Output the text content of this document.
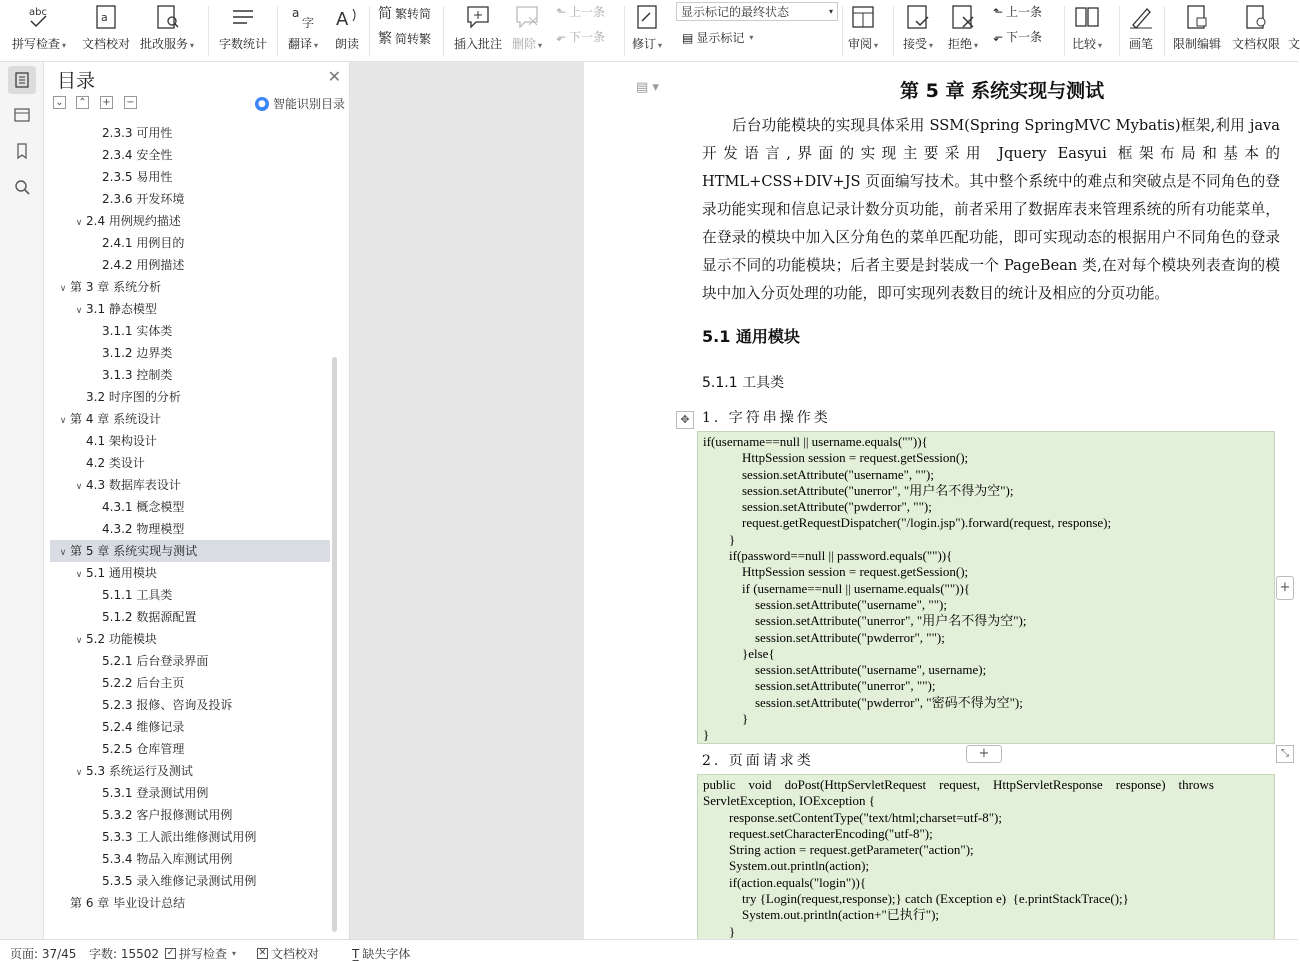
abc
拼写检查 ▾
a
文档校对 批改服务 ▾ 字数统计
a
字
翻译 ▾
A
朗读
简 繁转简
繁 简转繁 插入批注 删除 ▾
⬑ 上一条
⬐ 下一条 修订 ▾
显示标记的最终状态	▾
▤ 显示标记 ▾	审阅 ▾ 接受 ▾ 拒绝 ▾
⬑ 上一条
⬐ 下一条 比较 ▾ 画笔 限制编辑 文档权限 文
目录	✕
⌄ ⌃ + −	● 智能识别目录
2.3.3 可用性
2.3.4 安全性
2.3.5 易用性
2.3.6 开发环境
∨ 2.4 用例规约描述
2.4.1 用例目的
2.4.2 用例描述
∨ 第 3 章 系统分析
∨ 3.1 静态模型
3.1.1 实体类
3.1.2 边界类
3.1.3 控制类
3.2 时序图的分析
∨ 第 4 章 系统设计
4.1 架构设计
4.2 类设计
∨ 4.3 数据库表设计
4.3.1 概念模型
4.3.2 物理模型
∨ 第 5 章 系统实现与测试
∨ 5.1 通用模块
5.1.1 工具类
5.1.2 数据源配置
∨ 5.2 功能模块
5.2.1 后台登录界面
5.2.2 后台主页
5.2.3 报修、咨询及投诉
5.2.4 维修记录
5.2.5 仓库管理
∨ 5.3 系统运行及测试
5.3.1 登录测试用例
5.3.2 客户报修测试用例
5.3.3 工人派出维修测试用例
5.3.4 物品入库测试用例
5.3.5 录入维修记录测试用例
第 6 章 毕业设计总结
▤ ▾	第 5 章 系统实现与测试
后台功能模块的实现具体采用 SSM(Spring SpringMVC Mybatis)框架,利用 java 开发语言,界面的实现主要采用 Jquery Easyui 框架布局和基本的 HTML+CSS+DIV+JS 页面编写技术。其中整个系统中的难点和突破点是不同角色的登录功能实现和信息记录计数分页功能，前者采用了数据库表来管理系统的所有功能菜单，在登录的模块中加入区分角色的菜单匹配功能，即可实现动态的根据用户不同角色的登录显示不同的功能模块；后者主要是封装成一个 PageBean 类,在对每个模块列表查询的模块中加入分页处理的功能，即可实现列表数目的统计及相应的分页功能。
5.1 通用模块
5.1.1 工具类
✥ 1. 字符串操作类
if(username==null || username.equals("")){
HttpSession session = request.getSession();
session.setAttribute("username", "");
session.setAttribute("unerror", "用户名不得为空");
session.setAttribute("pwderror", "");
request.getRequestDispatcher("/login.jsp").forward(request, response);
}
if(password==null || password.equals("")){
HttpSession session = request.getSession();
if (username==null || username.equals("")){
session.setAttribute("username", "");
session.setAttribute("unerror", "用户名不得为空");
session.setAttribute("pwderror", "");
}else{
session.setAttribute("username", username);
session.setAttribute("unerror", "");
session.setAttribute("pwderror", "密码不得为空");
}
}
+
+	⤡
2. 页面请求类
public    void    doPost(HttpServletRequest    request,    HttpServletResponse    response)    throws
ServletException, IOException {
response.setContentType("text/html;charset=utf-8");
request.setCharacterEncoding("utf-8");
String action = request.getParameter("action");
System.out.println(action);
if(action.equals("login")){
try {Login(request,response);} catch (Exception e)  {e.printStackTrace();}
System.out.println(action+"已执行");
}
页面: 37/45 字数: 15502 ✓ 拼写检查 ▾	✕ 文档校对	T̲ 缺失字体
